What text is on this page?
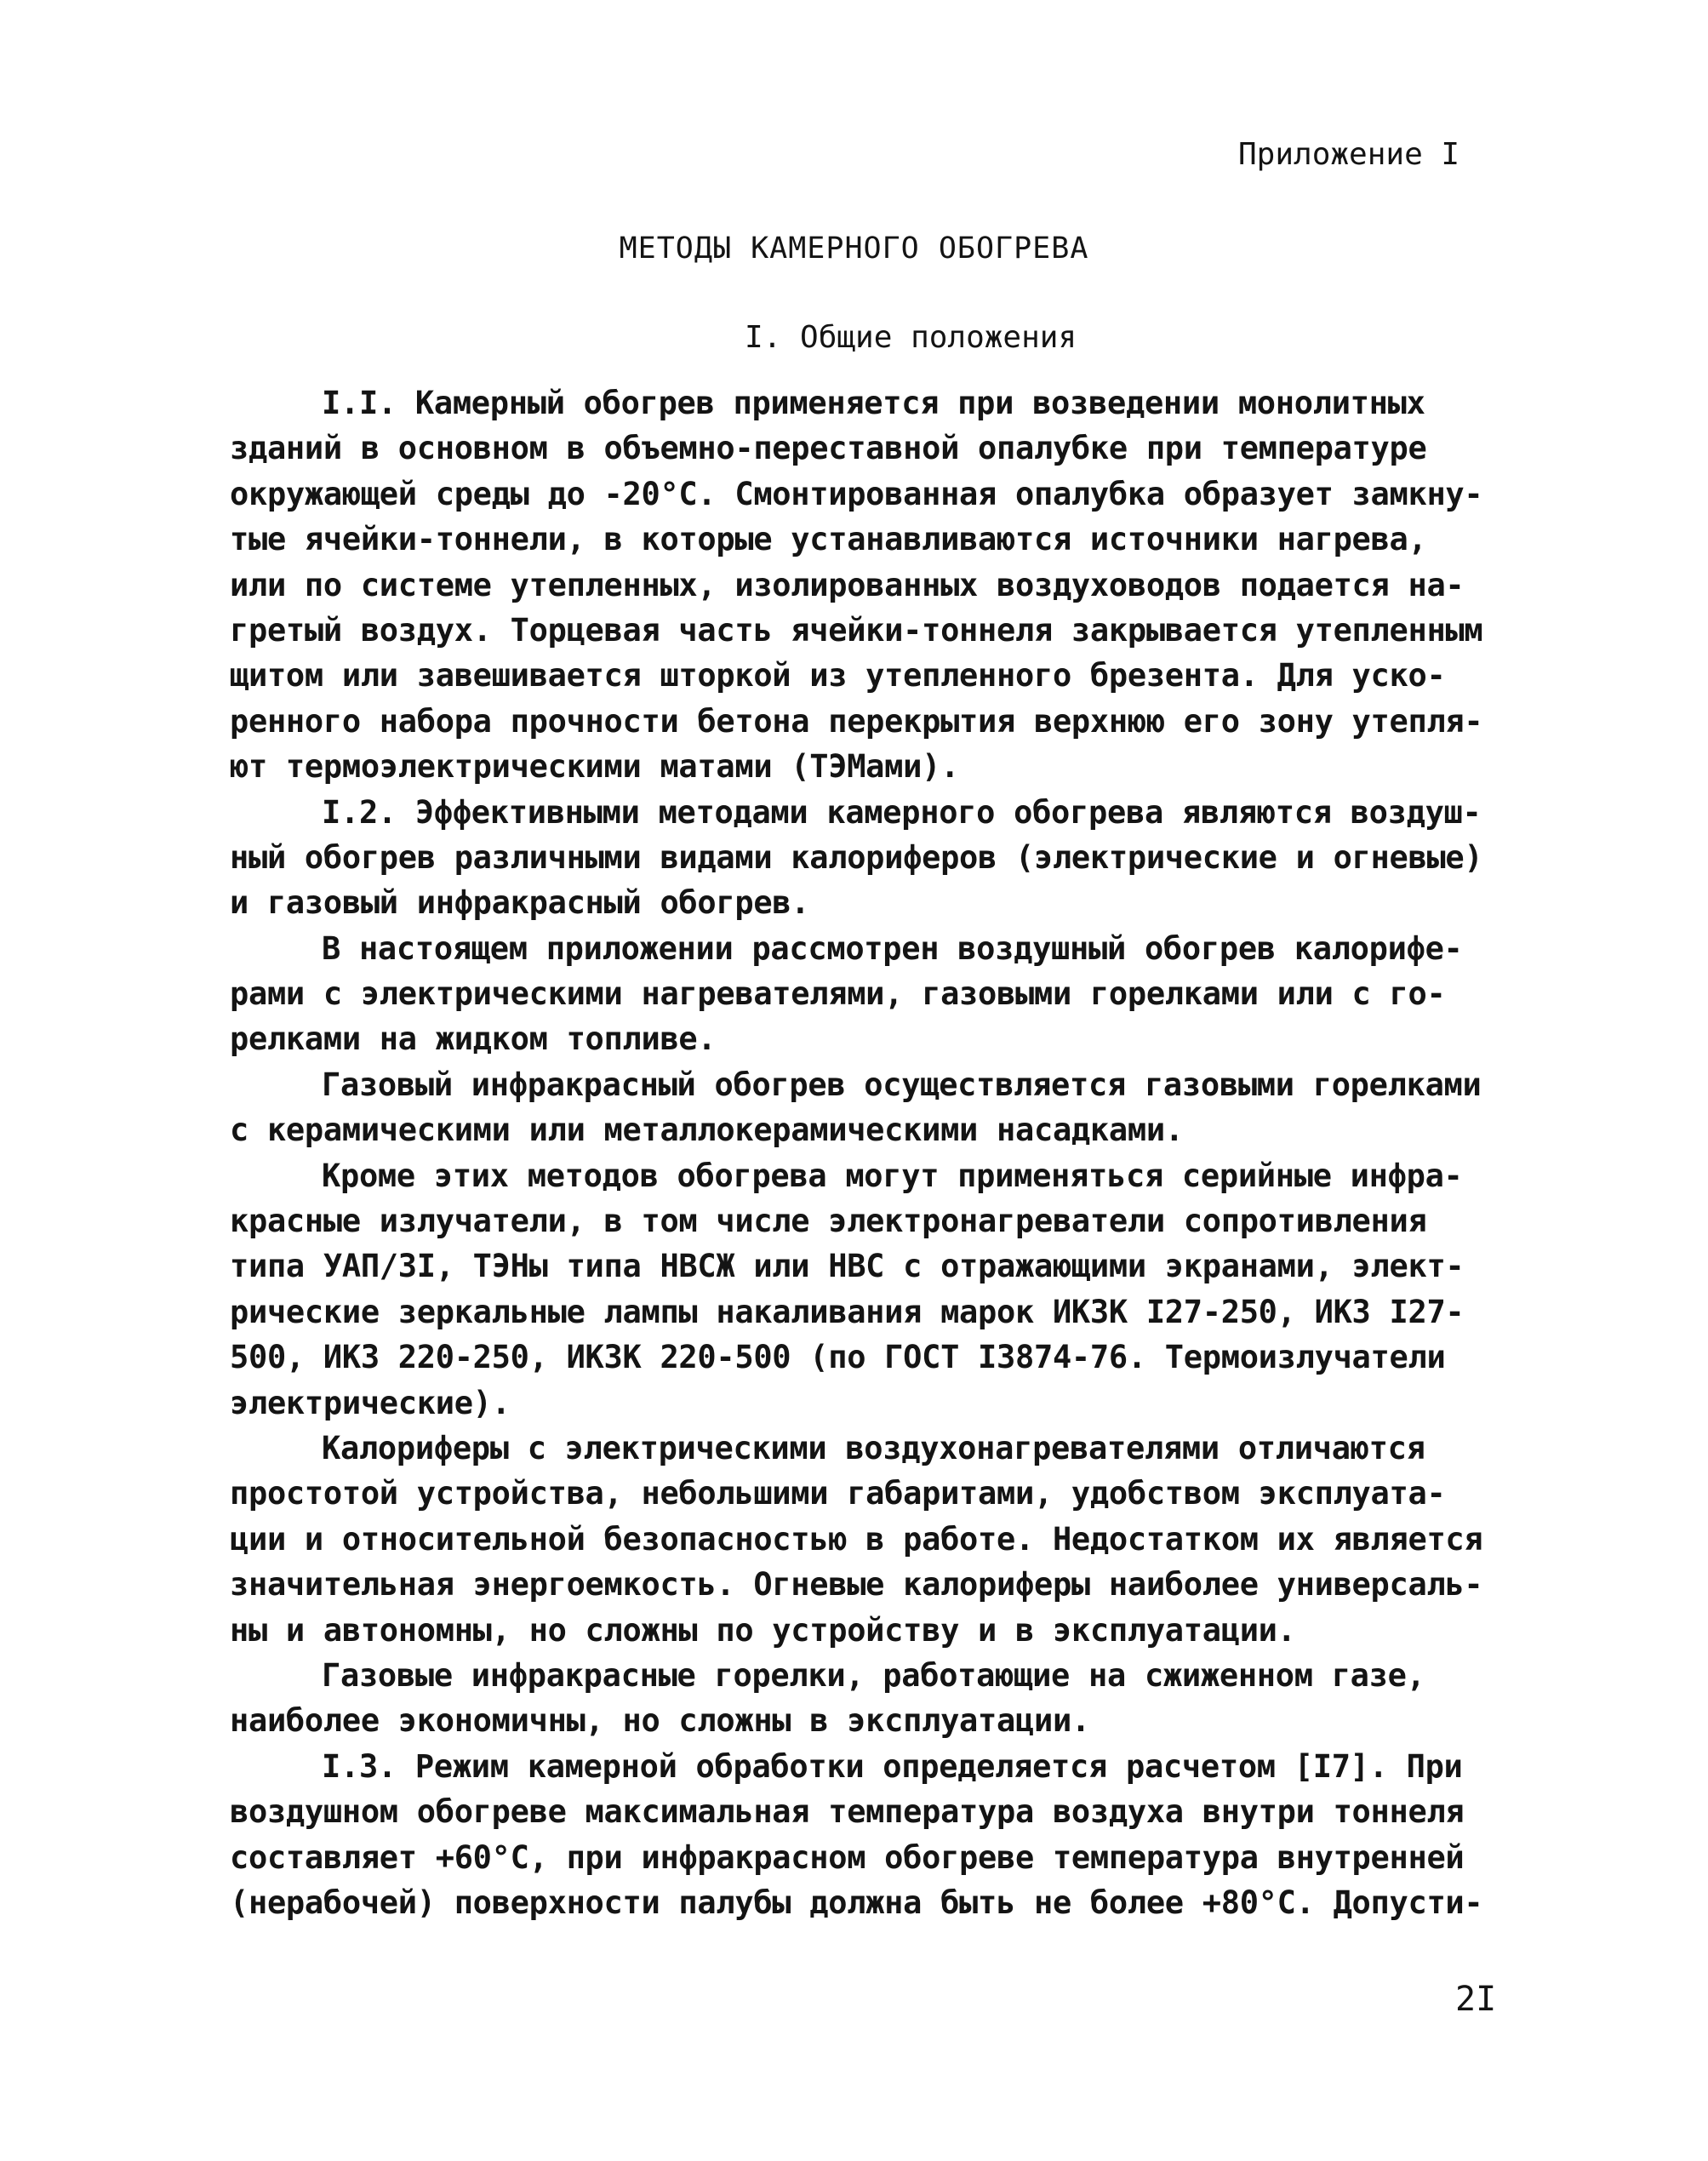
Приложение I
МЕТОДЫ КАМЕРНОГО ОБОГРЕВА
I. Общие положения
I.I. Камерный обогрев применяется при возведении монолитных
зданий в основном в объемно-переставной опалубке при температуре
окружающей среды до -20°С. Смонтированная опалубка образует замкну-
тые ячейки-тоннели, в которые устанавливаются источники нагрева,
или по системе утепленных, изолированных воздуховодов подается на-
гретый воздух. Торцевая часть ячейки-тоннеля закрывается утепленным
щитом или завешивается шторкой из утепленного брезента. Для уско-
ренного набора прочности бетона перекрытия верхнюю его зону утепля-
ют термоэлектрическими матами (ТЭМами).
I.2. Эффективными методами камерного обогрева являются воздуш-
ный обогрев различными видами калориферов (электрические и огневые)
и газовый инфракрасный обогрев.
В настоящем приложении рассмотрен воздушный обогрев калорифе-
рами с электрическими нагревателями, газовыми горелками или с го-
релками на жидком топливе.
Газовый инфракрасный обогрев осуществляется газовыми горелками
с керамическими или металлокерамическими насадками.
Кроме этих методов обогрева могут применяться серийные инфра-
красные излучатели, в том числе электронагреватели сопротивления
типа УАП/3I, ТЭНы типа НВСЖ или НВС с отражающими экранами, элект-
рические зеркальные лампы накаливания марок ИКЗК I27-250, ИКЗ I27-
500, ИКЗ 220-250, ИКЗК 220-500 (по ГОСТ I3874-76. Термоизлучатели
электрические).
Калориферы с электрическими воздухонагревателями отличаются
простотой устройства, небольшими габаритами, удобством эксплуата-
ции и относительной безопасностью в работе. Недостатком их является
значительная энергоемкость. Огневые калориферы наиболее универсаль-
ны и автономны, но сложны по устройству и в эксплуатации.
Газовые инфракрасные горелки, работающие на сжиженном газе,
наиболее экономичны, но сложны в эксплуатации.
I.3. Режим камерной обработки определяется расчетом [I7]. При
воздушном обогреве максимальная температура воздуха внутри тоннеля
составляет +60°С, при инфракрасном обогреве температура внутренней
(нерабочей) поверхности палубы должна быть не более +80°С. Допусти-
2I
